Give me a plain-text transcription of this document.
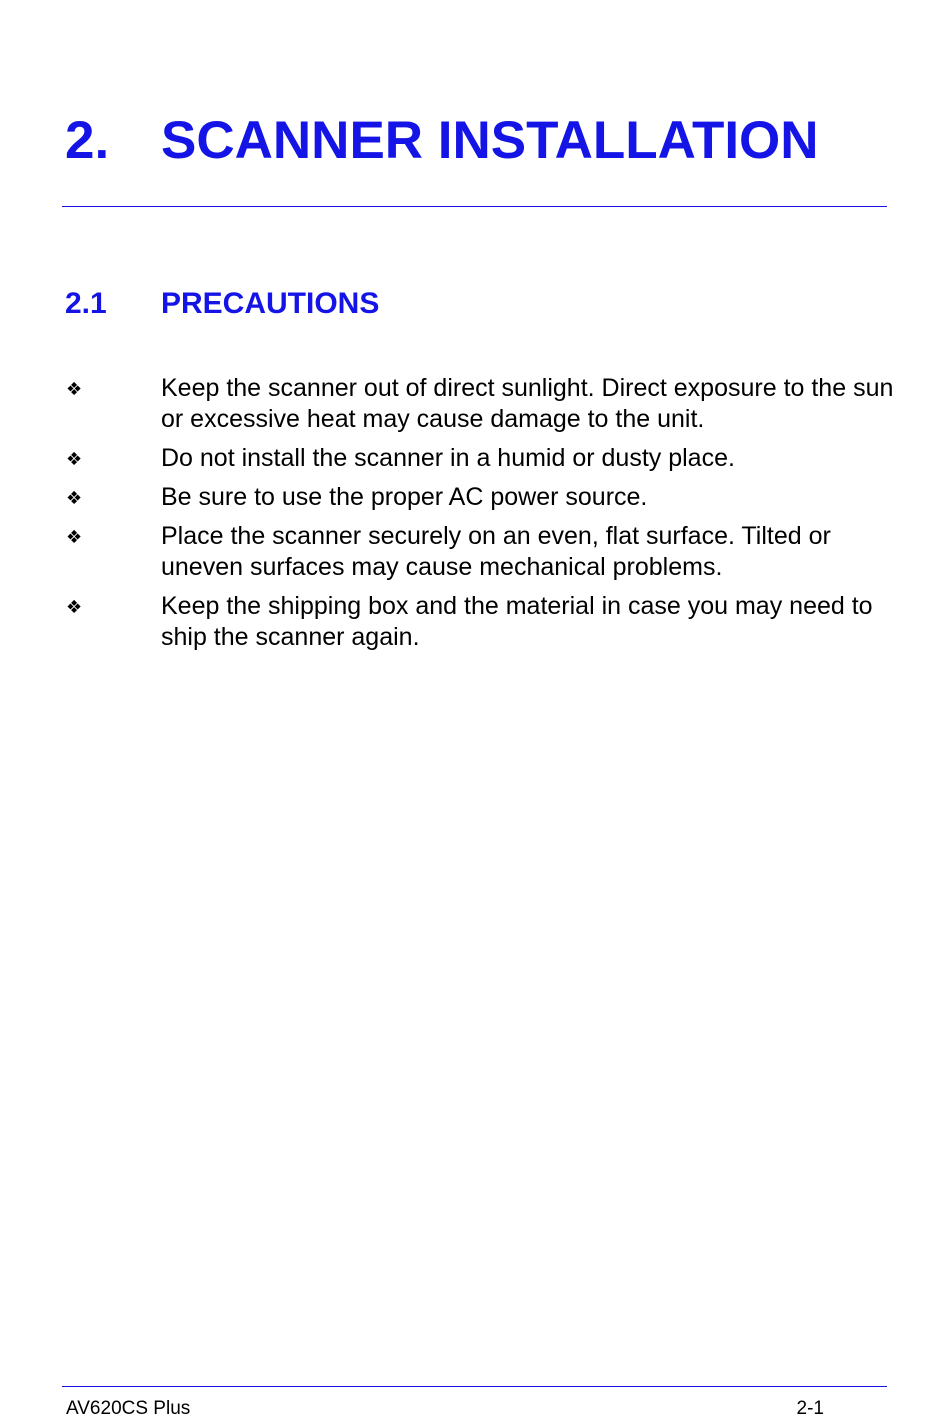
2. SCANNER INSTALLATION
2.1 PRECAUTIONS
❖	Keep the scanner out of direct sunlight. Direct exposure to the sun or excessive heat may cause damage to the unit.
❖	Do not install the scanner in a humid or dusty place.
❖	Be sure to use the proper AC power source.
❖	Place the scanner securely on an even, flat surface. Tilted or uneven surfaces may cause mechanical problems.
❖	Keep the shipping box and the material in case you may need to ship the scanner again.
AV620CS Plus	2-1
